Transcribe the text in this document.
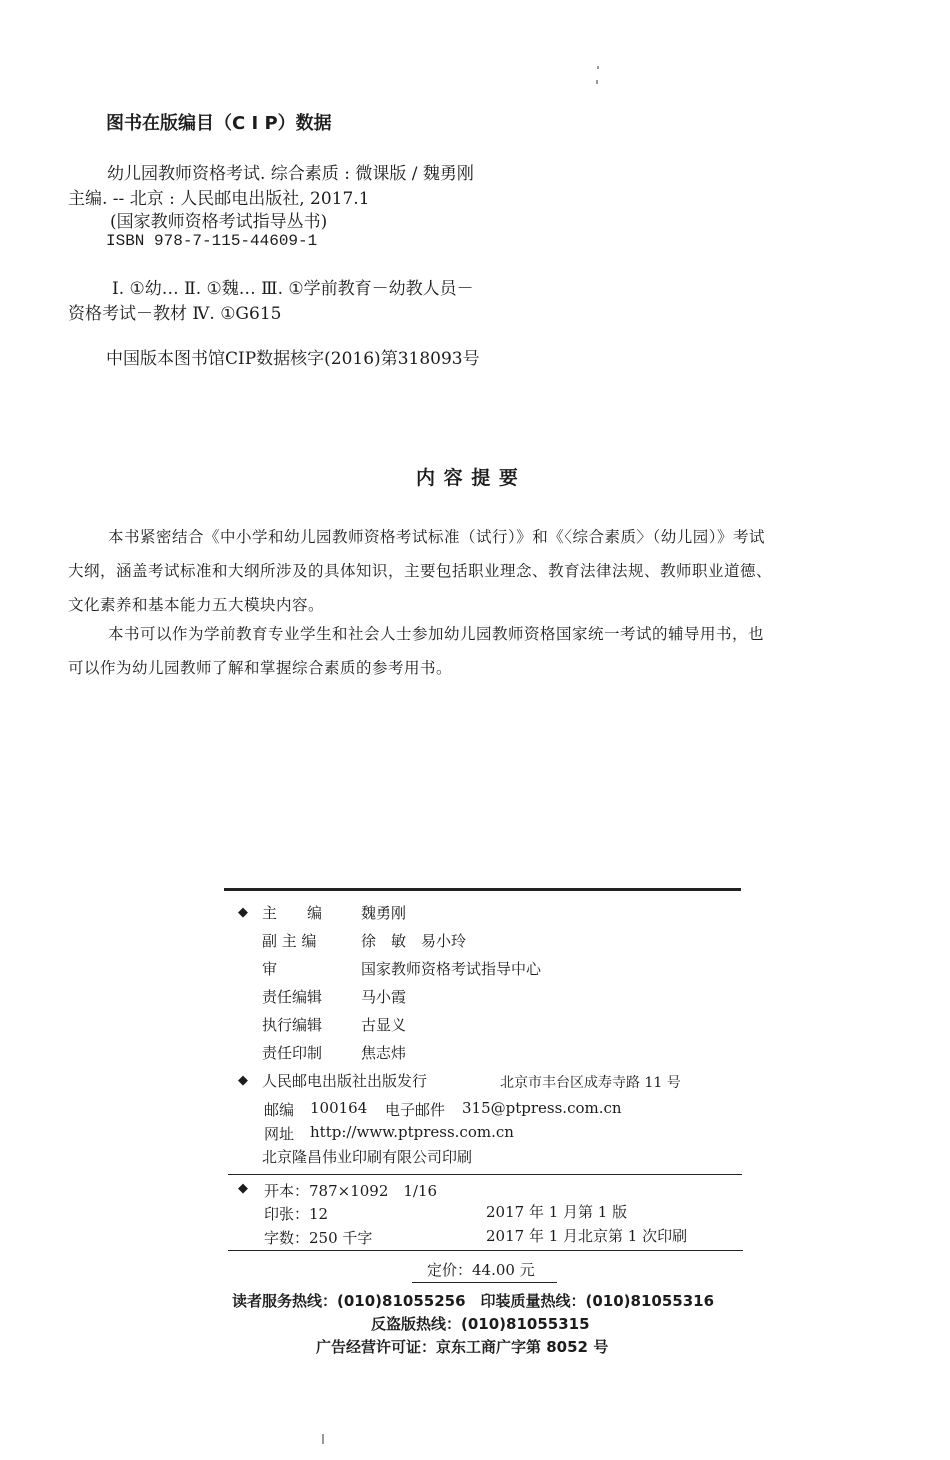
图书在版编目（C I P）数据
幼儿园教师资格考试. 综合素质 : 微课版 / 魏勇刚
主编. -- 北京 : 人民邮电出版社, 2017.1
(国家教师资格考试指导丛书)
ISBN 978-7-115-44609-1
Ⅰ. ①幼… Ⅱ. ①魏… Ⅲ. ①学前教育－幼教人员－
资格考试－教材 Ⅳ. ①G615
中国版本图书馆CIP数据核字(2016)第318093号
内 容 提 要
本书紧密结合《中小学和幼儿园教师资格考试标准（试行）》和《〈综合素质〉（幼儿园）》考试
大纲，涵盖考试标准和大纲所涉及的具体知识，主要包括职业理念、教育法律法规、教师职业道德、
文化素养和基本能力五大模块内容。
本书可以作为学前教育专业学生和社会人士参加幼儿园教师资格国家统一考试的辅导用书，也
可以作为幼儿园教师了解和掌握综合素质的参考用书。
◆ 主　　编	魏勇刚
副 主 编	徐　敏　易小玲
审	国家教师资格考试指导中心
责任编辑	马小霞
执行编辑	古显义
责任印制	焦志炜
◆ 人民邮电出版社出版发行	北京市丰台区成寿寺路 11 号
邮编 100164 电子邮件 315@ptpress.com.cn
网址 http://www.ptpress.com.cn
北京隆昌伟业印刷有限公司印刷
◆ 开本：787×1092　1/16
印张：12	2017 年 1 月第 1 版
字数：250 千字	2017 年 1 月北京第 1 次印刷
定价：44.00 元
读者服务热线：(010)81055256　印装质量热线：(010)81055316
反盗版热线：(010)81055315
广告经营许可证：京东工商广字第 8052 号
